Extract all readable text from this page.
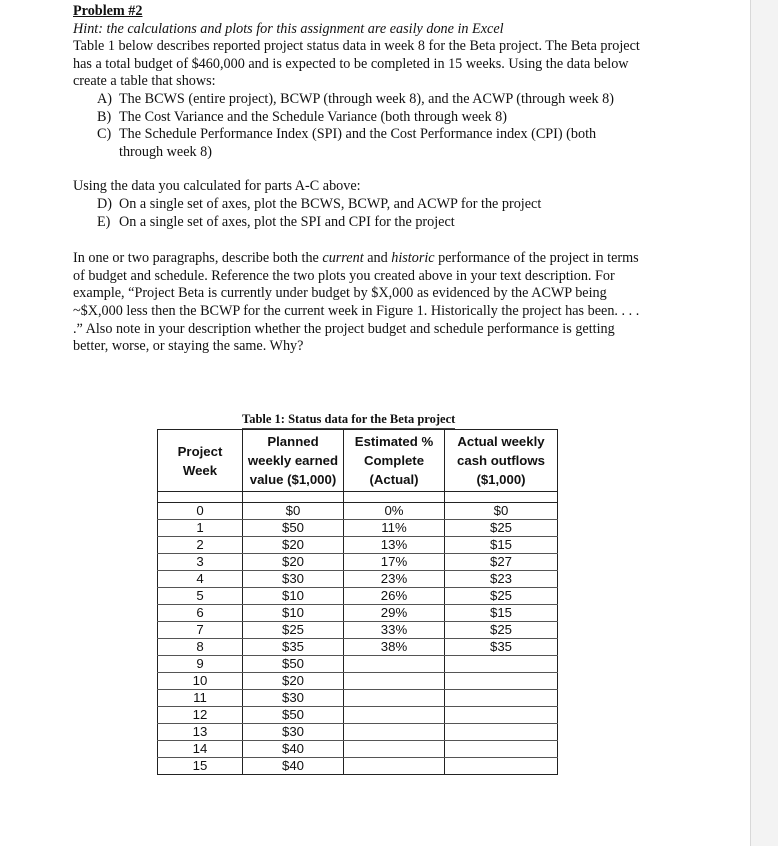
Problem #2

Hint: the calculations and plots for this assignment are easily done in Excel

Table 1 below describes reported project status data in week 8 for the Beta project. The Beta project has a total budget of $460,000 and is expected to be completed in 15 weeks. Using the data below create a table that shows:

A) The BCWS (entire project), BCWP (through week 8), and the ACWP (through week 8)
B) The Cost Variance and the Schedule Variance (both through week 8)
C) The Schedule Performance Index (SPI) and the Cost Performance index (CPI) (both through week 8)

Using the data you calculated for parts A-C above:

D) On a single set of axes, plot the BCWS, BCWP, and ACWP for the project
E) On a single set of axes, plot the SPI and CPI for the project

In one or two paragraphs, describe both the current and historic performance of the project in terms of budget and schedule. Reference the two plots you created above in your text description. For example, “Project Beta is currently under budget by $X,000 as evidenced by the ACWP being ~$X,000 less then the BCWP for the current week in Figure 1. Historically the project has been. . . . .” Also note in your description whether the project budget and schedule performance is getting better, worse, or staying the same. Why?

Table 1: Status data for the Beta project
Project Week	Planned weekly earned value ($1,000)	Estimated % Complete (Actual)	Actual weekly cash outflows ($1,000)

0	$0	0%	$0
1	$50	11%	$25
2	$20	13%	$15
3	$20	17%	$27
4	$30	23%	$23
5	$10	26%	$25
6	$10	29%	$15
7	$25	33%	$25
8	$35	38%	$35
9	$50		
10	$20		
11	$30		
12	$50		
13	$30		
14	$40		
15	$40		
